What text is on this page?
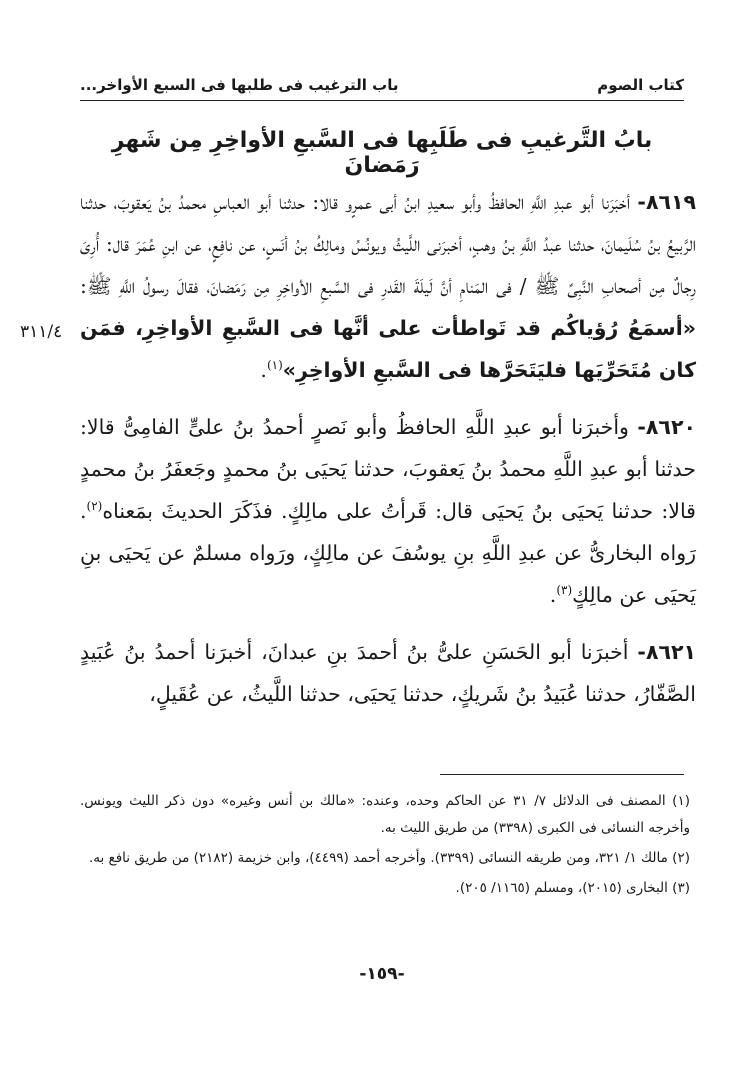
كتاب الصوم
باب الترغيب فى طلبها فى السبع الأواخر...
بابُ التَّرغيبِ فى طَلَبِها فى السَّبعِ الأواخِرِ مِن شَهرِ رَمَضانَ

٨٦١٩- أخبَرَنا أبو عبدِ اللَّهِ الحافظُ وأبو سعيدِ ابنُ أبى عمرٍو قالا: حدثنا أبو العباسِ محمدُ بنُ يَعقوبَ، حدثنا الرَّبيعُ بنُ سُلَيمانَ، حدثنا عبدُ اللَّهِ بنُ وهبٍ، أخبرَنى اللَّيثُ ويونُسُ ومالِكُ بنُ أنَسٍ، عن نافِعٍ، عن ابنِ عُمَرَ قال: أُرِىَ رِجالٌ مِن أصحابِ النَّبِىِّ ﷺ / فى المَنامِ أنَّ لَيلَةَ القَدرِ فى السَّبعِ الأواخِرِ مِن رَمَضانَ، فقالَ رسولُ اللَّهِ ﷺ: «أسمَعُ رُؤياكُم قد تَواطأت على أنَّها فى السَّبعِ الأواخِرِ، فمَن كان مُتَحَرِّيَها فليَتَحَرَّها فى السَّبعِ الأواخِرِ»$^{(١)}$.

٨٦٢٠- وأخبرَنا أبو عبدِ اللَّهِ الحافظُ وأبو نَصرٍ أحمدُ بنُ علىٍّ الفامِىُّ قالا: حدثنا أبو عبدِ اللَّهِ محمدُ بنُ يَعقوبَ، حدثنا يَحيَى بنُ محمدٍ وجَعفَرُ بنُ محمدٍ قالا: حدثنا يَحيَى بنُ يَحيَى قال: قَرأتُ على مالِكٍ. فذَكَرَ الحديثَ بمَعناه$^{(٢)}$. رَواه البخارىُّ عن عبدِ اللَّهِ بنِ يوسُفَ عن مالِكٍ، ورَواه مسلمٌ عن يَحيَى بنِ يَحيَى عن مالِكٍ$^{(٣)}$.

٨٦٢١- أخبرَنا أبو الحَسَنِ علىُّ بنُ أحمدَ بنِ عبدانَ، أخبرَنا أحمدُ بنُ عُبَيدٍ الصَّفّارُ، حدثنا عُبَيدُ بنُ شَريكٍ، حدثنا يَحيَى، حدثنا اللَّيثُ، عن عُقَيلٍ،

٣١١/٤
(١) المصنف فى الدلائل ٧/ ٣١ عن الحاكم وحده، وعنده: «مالك بن أنس وغيره» دون ذكر الليث ويونس. وأخرجه النسائى فى الكبرى (٣٣٩٨) من طريق الليث به.
(٢) مالك ١/ ٣٢١، ومن طريقه النسائى (٣٣٩٩). وأخرجه أحمد (٤٤٩٩)، وابن خزيمة (٢١٨٢) من طريق نافع به.
(٣) البخارى (٢٠١٥)، ومسلم (١١٦٥/ ٢٠٥).
-١٥٩-
